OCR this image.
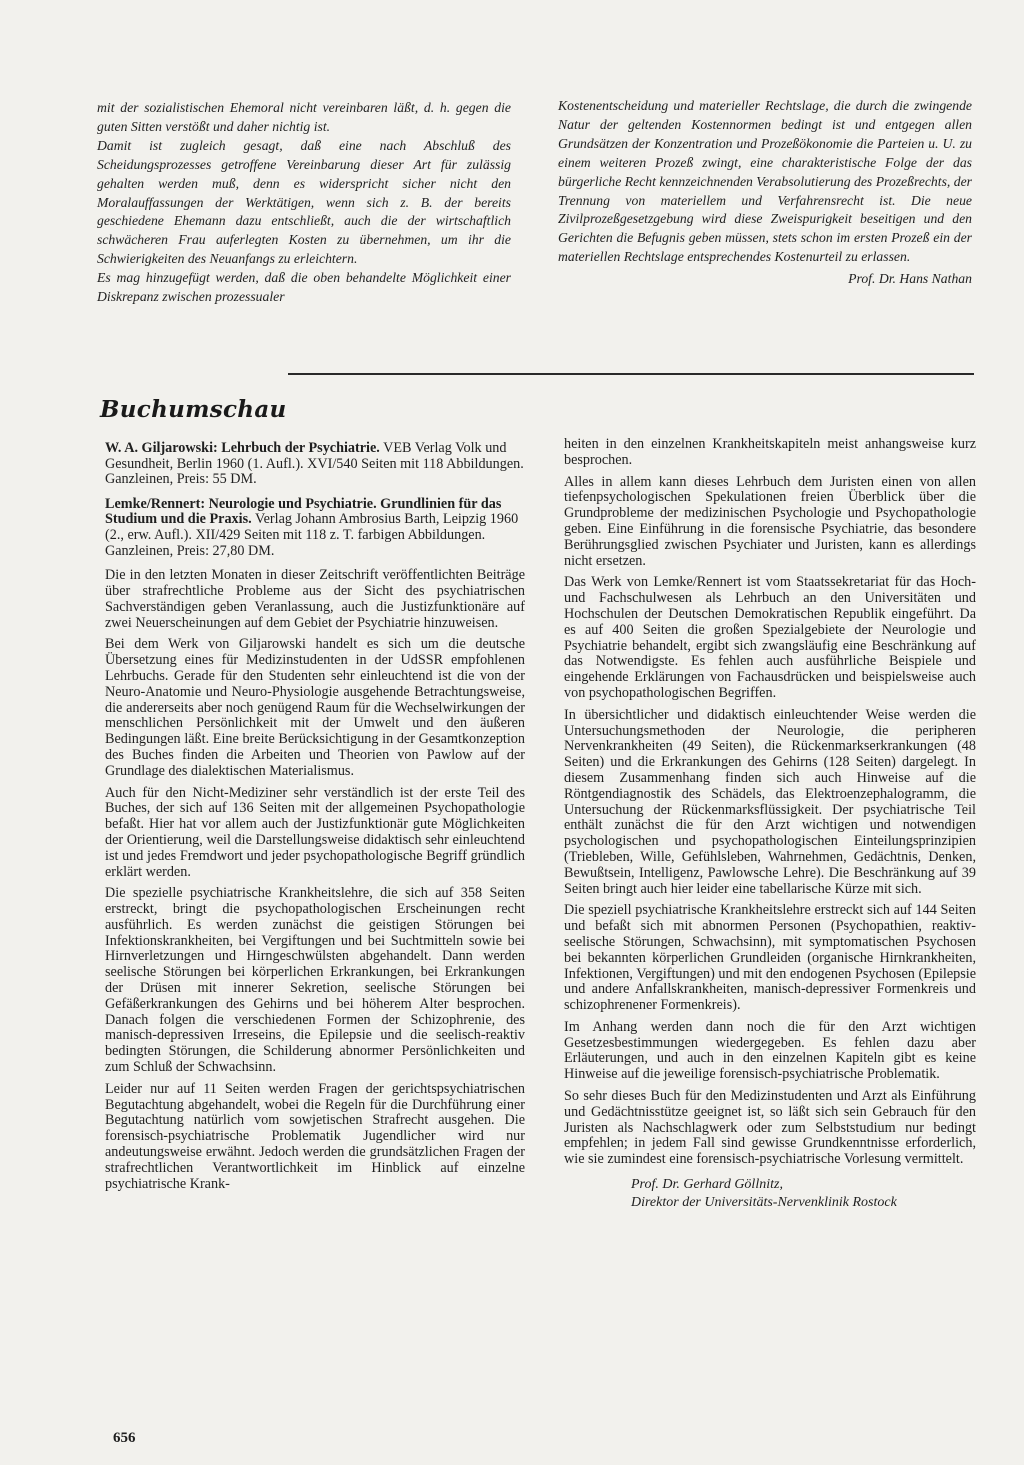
mit der sozialistischen Ehemoral nicht vereinbaren läßt, d. h. gegen die guten Sitten verstößt und daher nichtig ist.

Damit ist zugleich gesagt, daß eine nach Abschluß des Scheidungsprozesses getroffene Vereinbarung dieser Art für zulässig gehalten werden muß, denn es widerspricht sicher nicht den Moralauffassungen der Werktätigen, wenn sich z. B. der bereits geschiedene Ehemann dazu entschließt, auch die der wirtschaftlich schwächeren Frau auferlegten Kosten zu übernehmen, um ihr die Schwierigkeiten des Neuanfangs zu erleichtern.

Es mag hinzugefügt werden, daß die oben behandelte Möglichkeit einer Diskrepanz zwischen prozessualer

Kostenentscheidung und materieller Rechtslage, die durch die zwingende Natur der geltenden Kostennormen bedingt ist und entgegen allen Grundsätzen der Konzentration und Prozeßökonomie die Parteien u. U. zu einem weiteren Prozeß zwingt, eine charakteristische Folge der das bürgerliche Recht kennzeichnenden Verabsolutierung des Prozeßrechts, der Trennung von materiellem und Verfahrensrecht ist. Die neue Zivilprozeßgesetzgebung wird diese Zweispurigkeit beseitigen und den Gerichten die Befugnis geben müssen, stets schon im ersten Prozeß ein der materiellen Rechtslage entsprechendes Kostenurteil zu erlassen.

Prof. Dr. Hans Nathan

Buchumschau
W. A. Giljarowski: Lehrbuch der Psychiatrie. VEB Verlag Volk und Gesundheit, Berlin 1960 (1. Aufl.). XVI/540 Seiten mit 118 Abbildungen. Ganzleinen, Preis: 55 DM.
Lemke/Rennert: Neurologie und Psychiatrie. Grundlinien für das Studium und die Praxis. Verlag Johann Ambrosius Barth, Leipzig 1960 (2., erw. Aufl.). XII/429 Seiten mit 118 z. T. farbigen Abbildungen. Ganzleinen, Preis: 27,80 DM.

Die in den letzten Monaten in dieser Zeitschrift veröffentlichten Beiträge über strafrechtliche Probleme aus der Sicht des psychiatrischen Sachverständigen geben Veranlassung, auch die Justizfunktionäre auf zwei Neuerscheinungen auf dem Gebiet der Psychiatrie hinzuweisen.

Bei dem Werk von Giljarowski handelt es sich um die deutsche Übersetzung eines für Medizinstudenten in der UdSSR empfohlenen Lehrbuchs. Gerade für den Studenten sehr einleuchtend ist die von der Neuro-Anatomie und Neuro-Physiologie ausgehende Betrachtungsweise, die andererseits aber noch genügend Raum für die Wechselwirkungen der menschlichen Persönlichkeit mit der Umwelt und den äußeren Bedingungen läßt. Eine breite Berücksichtigung in der Gesamtkonzeption des Buches finden die Arbeiten und Theorien von Pawlow auf der Grundlage des dialektischen Materialismus.

Auch für den Nicht-Mediziner sehr verständlich ist der erste Teil des Buches, der sich auf 136 Seiten mit der allgemeinen Psychopathologie befaßt. Hier hat vor allem auch der Justizfunktionär gute Möglichkeiten der Orientierung, weil die Darstellungsweise didaktisch sehr einleuchtend ist und jedes Fremdwort und jeder psychopathologische Begriff gründlich erklärt werden.

Die spezielle psychiatrische Krankheitslehre, die sich auf 358 Seiten erstreckt, bringt die psychopathologischen Erscheinungen recht ausführlich. Es werden zunächst die geistigen Störungen bei Infektionskrankheiten, bei Vergiftungen und bei Suchtmitteln sowie bei Hirnverletzungen und Hirngeschwülsten abgehandelt. Dann werden seelische Störungen bei körperlichen Erkrankungen, bei Erkrankungen der Drüsen mit innerer Sekretion, seelische Störungen bei Gefäßerkrankungen des Gehirns und bei höherem Alter besprochen. Danach folgen die verschiedenen Formen der Schizophrenie, des manisch-depressiven Irreseins, die Epilepsie und die seelisch-reaktiv bedingten Störungen, die Schilderung abnormer Persönlichkeiten und zum Schluß der Schwachsinn.

Leider nur auf 11 Seiten werden Fragen der gerichtspsychiatrischen Begutachtung abgehandelt, wobei die Regeln für die Durchführung einer Begutachtung natürlich vom sowjetischen Strafrecht ausgehen. Die forensisch-psychiatrische Problematik Jugendlicher wird nur andeutungsweise erwähnt. Jedoch werden die grundsätzlichen Fragen der strafrechtlichen Verantwortlichkeit im Hinblick auf einzelne psychiatrische Krank-

heiten in den einzelnen Krankheitskapiteln meist anhangsweise kurz besprochen.

Alles in allem kann dieses Lehrbuch dem Juristen einen von allen tiefenpsychologischen Spekulationen freien Überblick über die Grundprobleme der medizinischen Psychologie und Psychopathologie geben. Eine Einführung in die forensische Psychiatrie, das besondere Berührungsglied zwischen Psychiater und Juristen, kann es allerdings nicht ersetzen.

Das Werk von Lemke/Rennert ist vom Staatssekretariat für das Hoch- und Fachschulwesen als Lehrbuch an den Universitäten und Hochschulen der Deutschen Demokratischen Republik eingeführt. Da es auf 400 Seiten die großen Spezialgebiete der Neurologie und Psychiatrie behandelt, ergibt sich zwangsläufig eine Beschränkung auf das Notwendigste. Es fehlen auch ausführliche Beispiele und eingehende Erklärungen von Fachausdrücken und beispielsweise auch von psychopathologischen Begriffen.

In übersichtlicher und didaktisch einleuchtender Weise werden die Untersuchungsmethoden der Neurologie, die peripheren Nervenkrankheiten (49 Seiten), die Rückenmarkserkrankungen (48 Seiten) und die Erkrankungen des Gehirns (128 Seiten) dargelegt. In diesem Zusammenhang finden sich auch Hinweise auf die Röntgendiagnostik des Schädels, das Elektroenzephalogramm, die Untersuchung der Rückenmarksflüssigkeit. Der psychiatrische Teil enthält zunächst die für den Arzt wichtigen und notwendigen psychologischen und psychopathologischen Einteilungsprinzipien (Triebleben, Wille, Gefühlsleben, Wahrnehmen, Gedächtnis, Denken, Bewußtsein, Intelligenz, Pawlowsche Lehre). Die Beschränkung auf 39 Seiten bringt auch hier leider eine tabellarische Kürze mit sich.

Die speziell psychiatrische Krankheitslehre erstreckt sich auf 144 Seiten und befaßt sich mit abnormen Personen (Psychopathien, reaktiv-seelische Störungen, Schwachsinn), mit symptomatischen Psychosen bei bekannten körperlichen Grundleiden (organische Hirnkrankheiten, Infektionen, Vergiftungen) und mit den endogenen Psychosen (Epilepsie und andere Anfallskrankheiten, manisch-depressiver Formenkreis und schizophrenener Formenkreis).

Im Anhang werden dann noch die für den Arzt wichtigen Gesetzesbestimmungen wiedergegeben. Es fehlen dazu aber Erläuterungen, und auch in den einzelnen Kapiteln gibt es keine Hinweise auf die jeweilige forensisch-psychiatrische Problematik.

So sehr dieses Buch für den Medizinstudenten und Arzt als Einführung und Gedächtnisstütze geeignet ist, so läßt sich sein Gebrauch für den Juristen als Nachschlagwerk oder zum Selbststudium nur bedingt empfehlen; in jedem Fall sind gewisse Grundkenntnisse erforderlich, wie sie zumindest eine forensisch-psychiatrische Vorlesung vermittelt.

Prof. Dr. Gerhard Göllnitz,
Direktor der Universitäts-Nervenklinik Rostock

656
